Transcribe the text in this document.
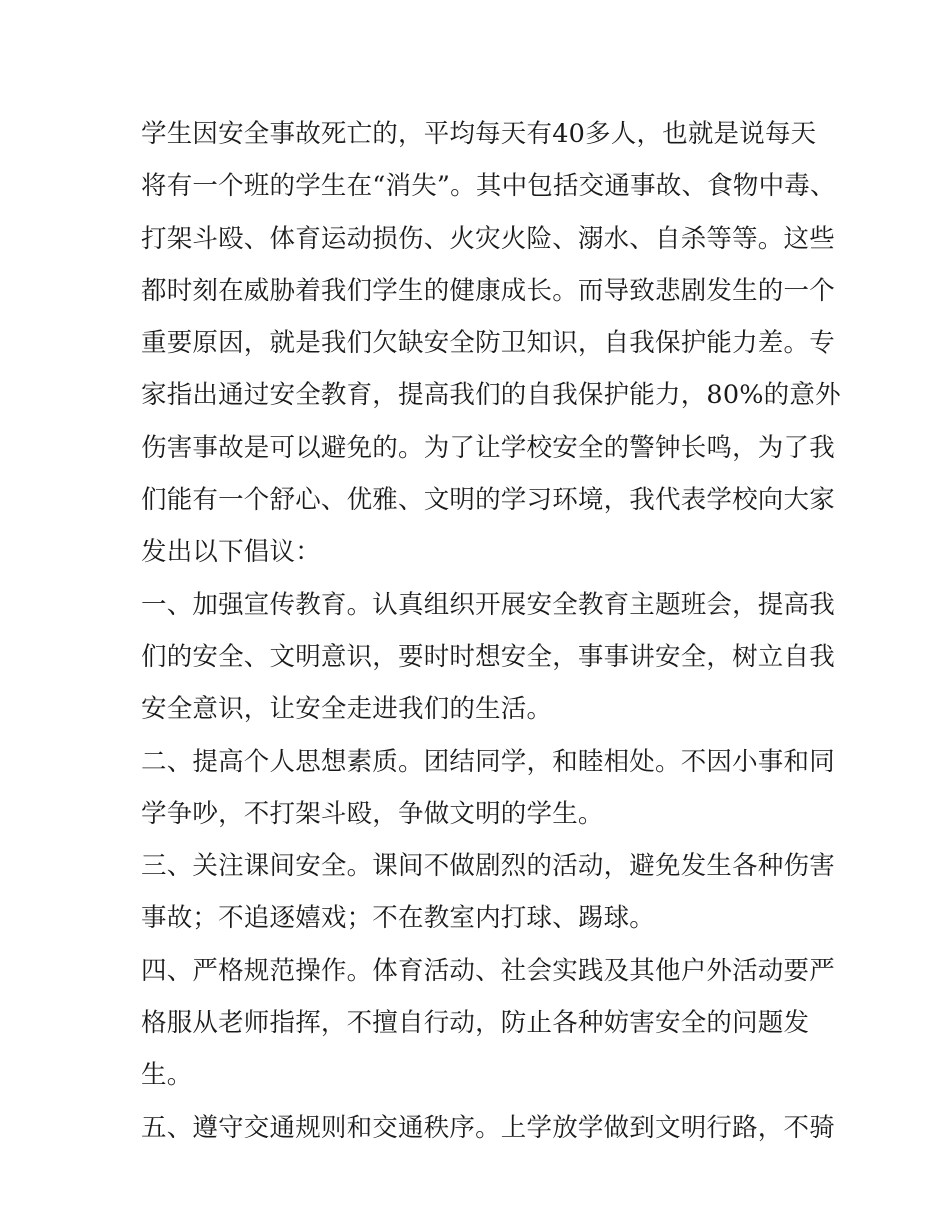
学生因安全事故死亡的，平均每天有40多人，也就是说每天
将有一个班的学生在“消失”。其中包括交通事故、食物中毒、
打架斗殴、体育运动损伤、火灾火险、溺水、自杀等等。这些
都时刻在威胁着我们学生的健康成长。而导致悲剧发生的一个
重要原因，就是我们欠缺安全防卫知识，自我保护能力差。专
家指出通过安全教育，提高我们的自我保护能力，80%的意外
伤害事故是可以避免的。为了让学校安全的警钟长鸣，为了我
们能有一个舒心、优雅、文明的学习环境，我代表学校向大家
发出以下倡议：
一、加强宣传教育。认真组织开展安全教育主题班会，提高我
们的安全、文明意识，要时时想安全，事事讲安全，树立自我
安全意识，让安全走进我们的生活。
二、提高个人思想素质。团结同学，和睦相处。不因小事和同
学争吵，不打架斗殴，争做文明的学生。
三、关注课间安全。课间不做剧烈的活动，避免发生各种伤害
事故；不追逐嬉戏；不在教室内打球、踢球。
四、严格规范操作。体育活动、社会实践及其他户外活动要严
格服从老师指挥，不擅自行动，防止各种妨害安全的问题发
生。
五、遵守交通规则和交通秩序。上学放学做到文明行路，不骑
